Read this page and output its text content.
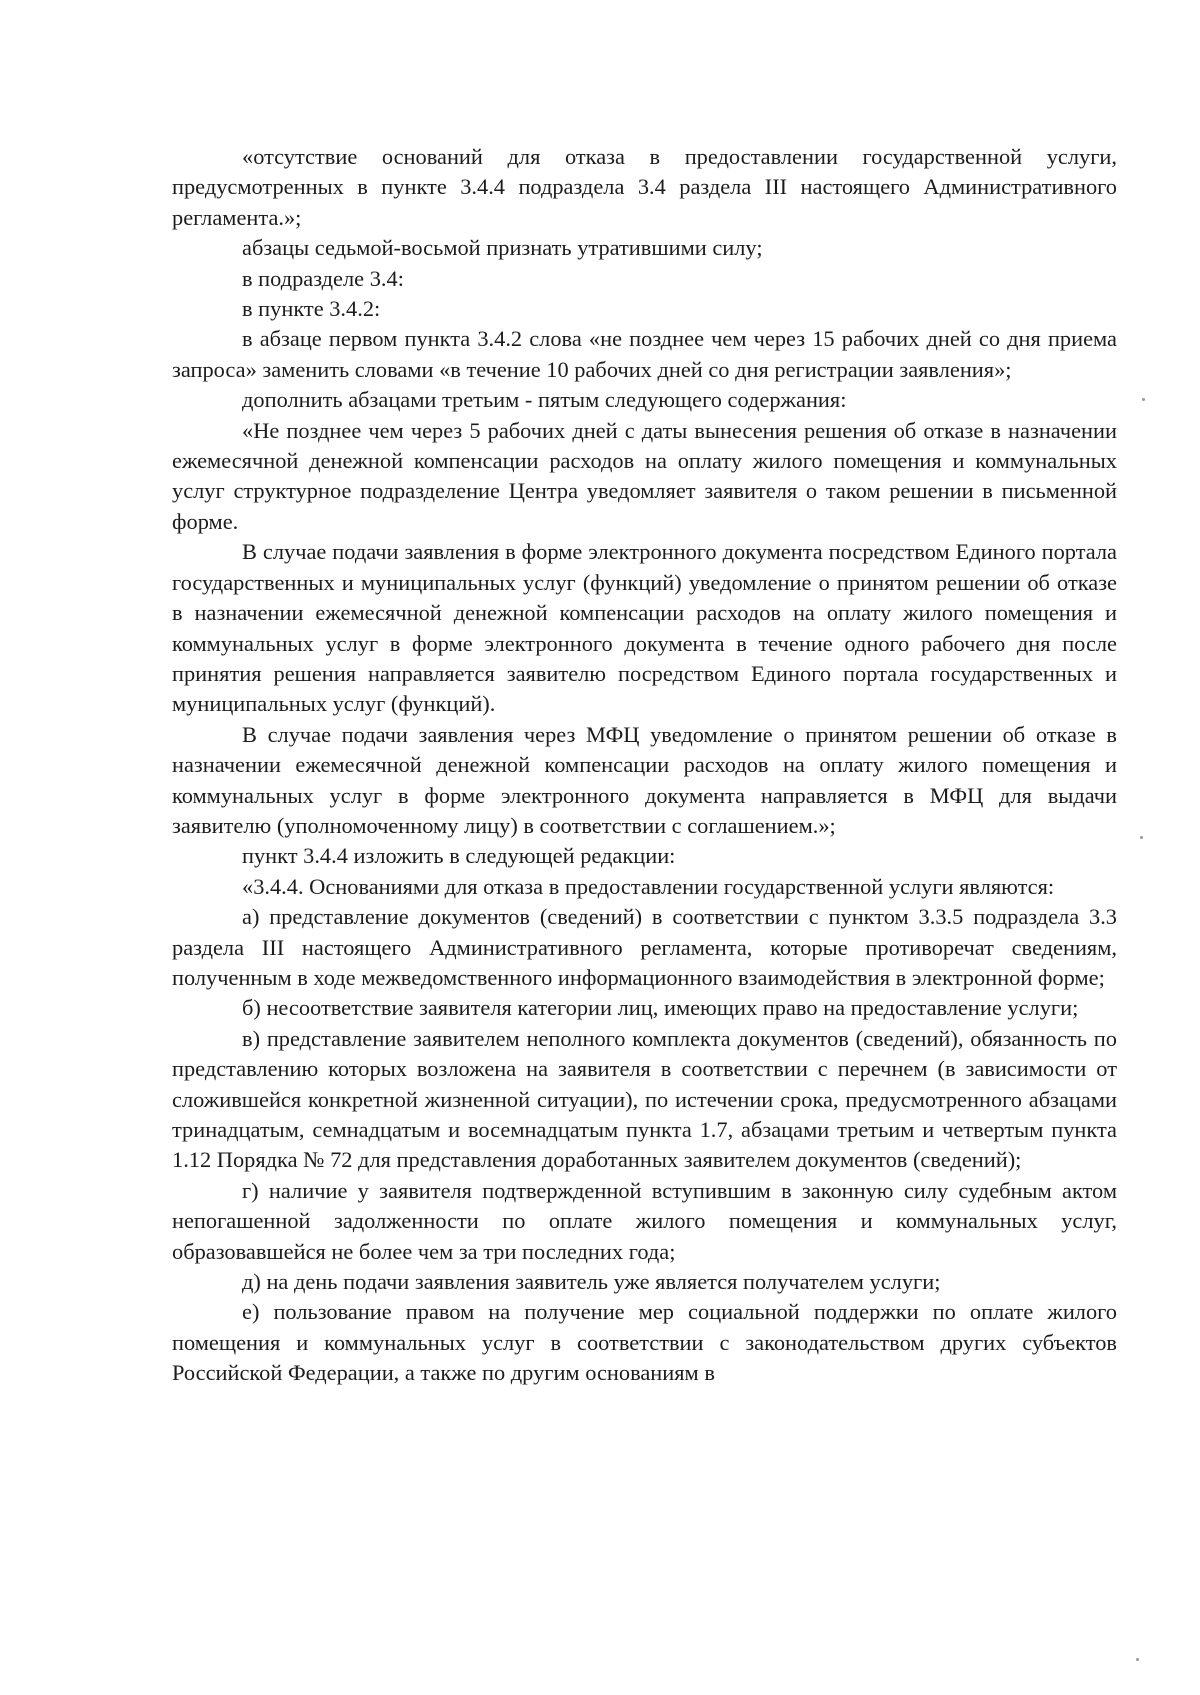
«отсутствие оснований для отказа в предоставлении государственной услуги, предусмотренных в пункте 3.4.4 подраздела 3.4 раздела III настоящего Административного регламента.»;

абзацы седьмой-восьмой признать утратившими силу;

в подразделе 3.4:

в пункте 3.4.2:

в абзаце первом пункта 3.4.2 слова «не позднее чем через 15 рабочих дней со дня приема запроса» заменить словами «в течение 10 рабочих дней со дня регистрации заявления»;

дополнить абзацами третьим - пятым следующего содержания:

«Не позднее чем через 5 рабочих дней с даты вынесения решения об отказе в назначении ежемесячной денежной компенсации расходов на оплату жилого помещения и коммунальных услуг структурное подразделение Центра уведомляет заявителя о таком решении в письменной форме.

В случае подачи заявления в форме электронного документа посредством Единого портала государственных и муниципальных услуг (функций) уведомление о принятом решении об отказе в назначении ежемесячной денежной компенсации расходов на оплату жилого помещения и коммунальных услуг в форме электронного документа в течение одного рабочего дня после принятия решения направляется заявителю посредством Единого портала государственных и муниципальных услуг (функций).

В случае подачи заявления через МФЦ уведомление о принятом решении об отказе в назначении ежемесячной денежной компенсации расходов на оплату жилого помещения и коммунальных услуг в форме электронного документа направляется в МФЦ для выдачи заявителю (уполномоченному лицу) в соответствии с соглашением.»;

пункт 3.4.4 изложить в следующей редакции:

«3.4.4. Основаниями для отказа в предоставлении государственной услуги являются:

а) представление документов (сведений) в соответствии с пунктом 3.3.5 подраздела 3.3 раздела III настоящего Административного регламента, которые противоречат сведениям, полученным в ходе межведомственного информационного взаимодействия в электронной форме;

б) несоответствие заявителя категории лиц, имеющих право на предоставление услуги;

в) представление заявителем неполного комплекта документов (сведений), обязанность по представлению которых возложена на заявителя в соответствии с перечнем (в зависимости от сложившейся конкретной жизненной ситуации), по истечении срока, предусмотренного абзацами тринадцатым, семнадцатым и восемнадцатым пункта 1.7, абзацами третьим и четвертым пункта 1.12 Порядка № 72 для представления доработанных заявителем документов (сведений);

г) наличие у заявителя подтвержденной вступившим в законную силу судебным актом непогашенной задолженности по оплате жилого помещения и коммунальных услуг, образовавшейся не более чем за три последних года;

д) на день подачи заявления заявитель уже является получателем услуги;

е) пользование правом на получение мер социальной поддержки по оплате жилого помещения и коммунальных услуг в соответствии с законодательством других субъектов Российской Федерации, а также по другим основаниям в
